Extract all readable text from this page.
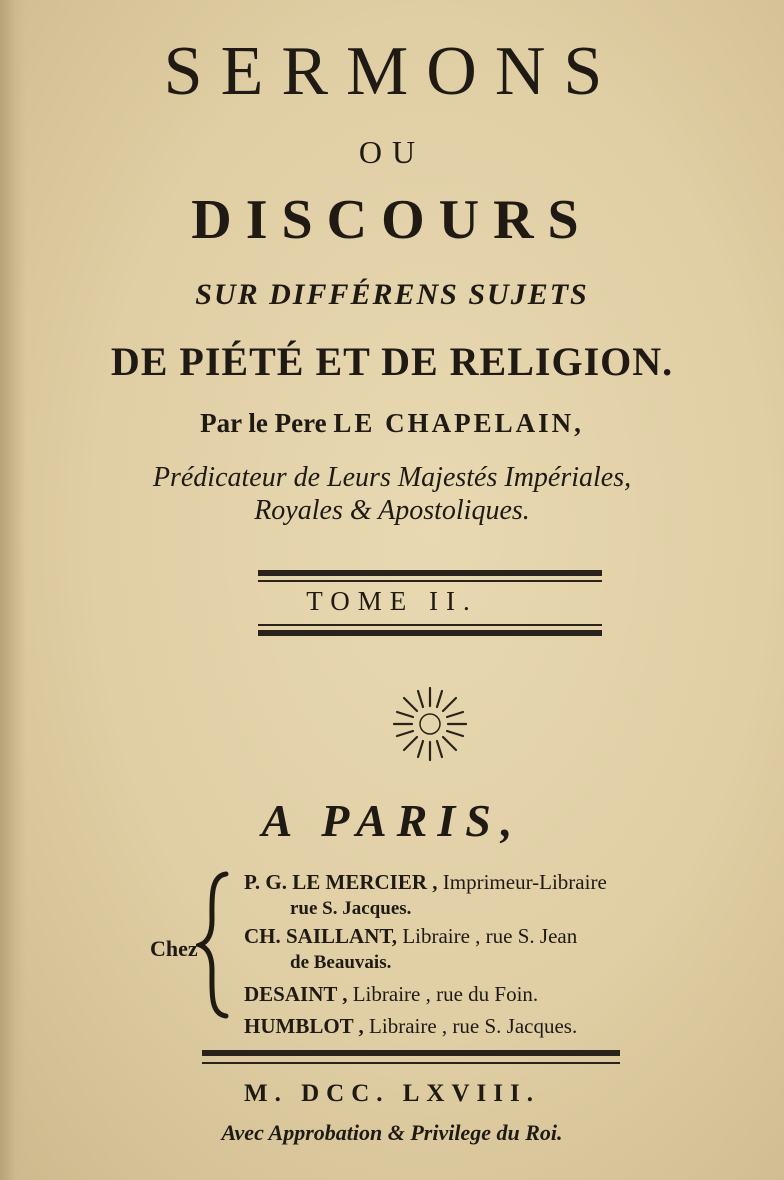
SERMONS
OU
DISCOURS
SUR DIFFÉRENS SUJETS
DE PIÉTÉ ET DE RELIGION.
Par le Pere LE CHAPELAIN,
Prédicateur de Leurs Majestés Impériales,
Royales & Apostoliques.
TOME II.
A PARIS,
Chez
P. G. LE MERCIER , Imprimeur-Libraire
rue S. Jacques.
CH. SAILLANT, Libraire , rue S. Jean
de Beauvais.
DESAINT , Libraire , rue du Foin.
HUMBLOT , Libraire , rue S. Jacques.
M. DCC. LXVIII.
Avec Approbation & Privilege du Roi.
